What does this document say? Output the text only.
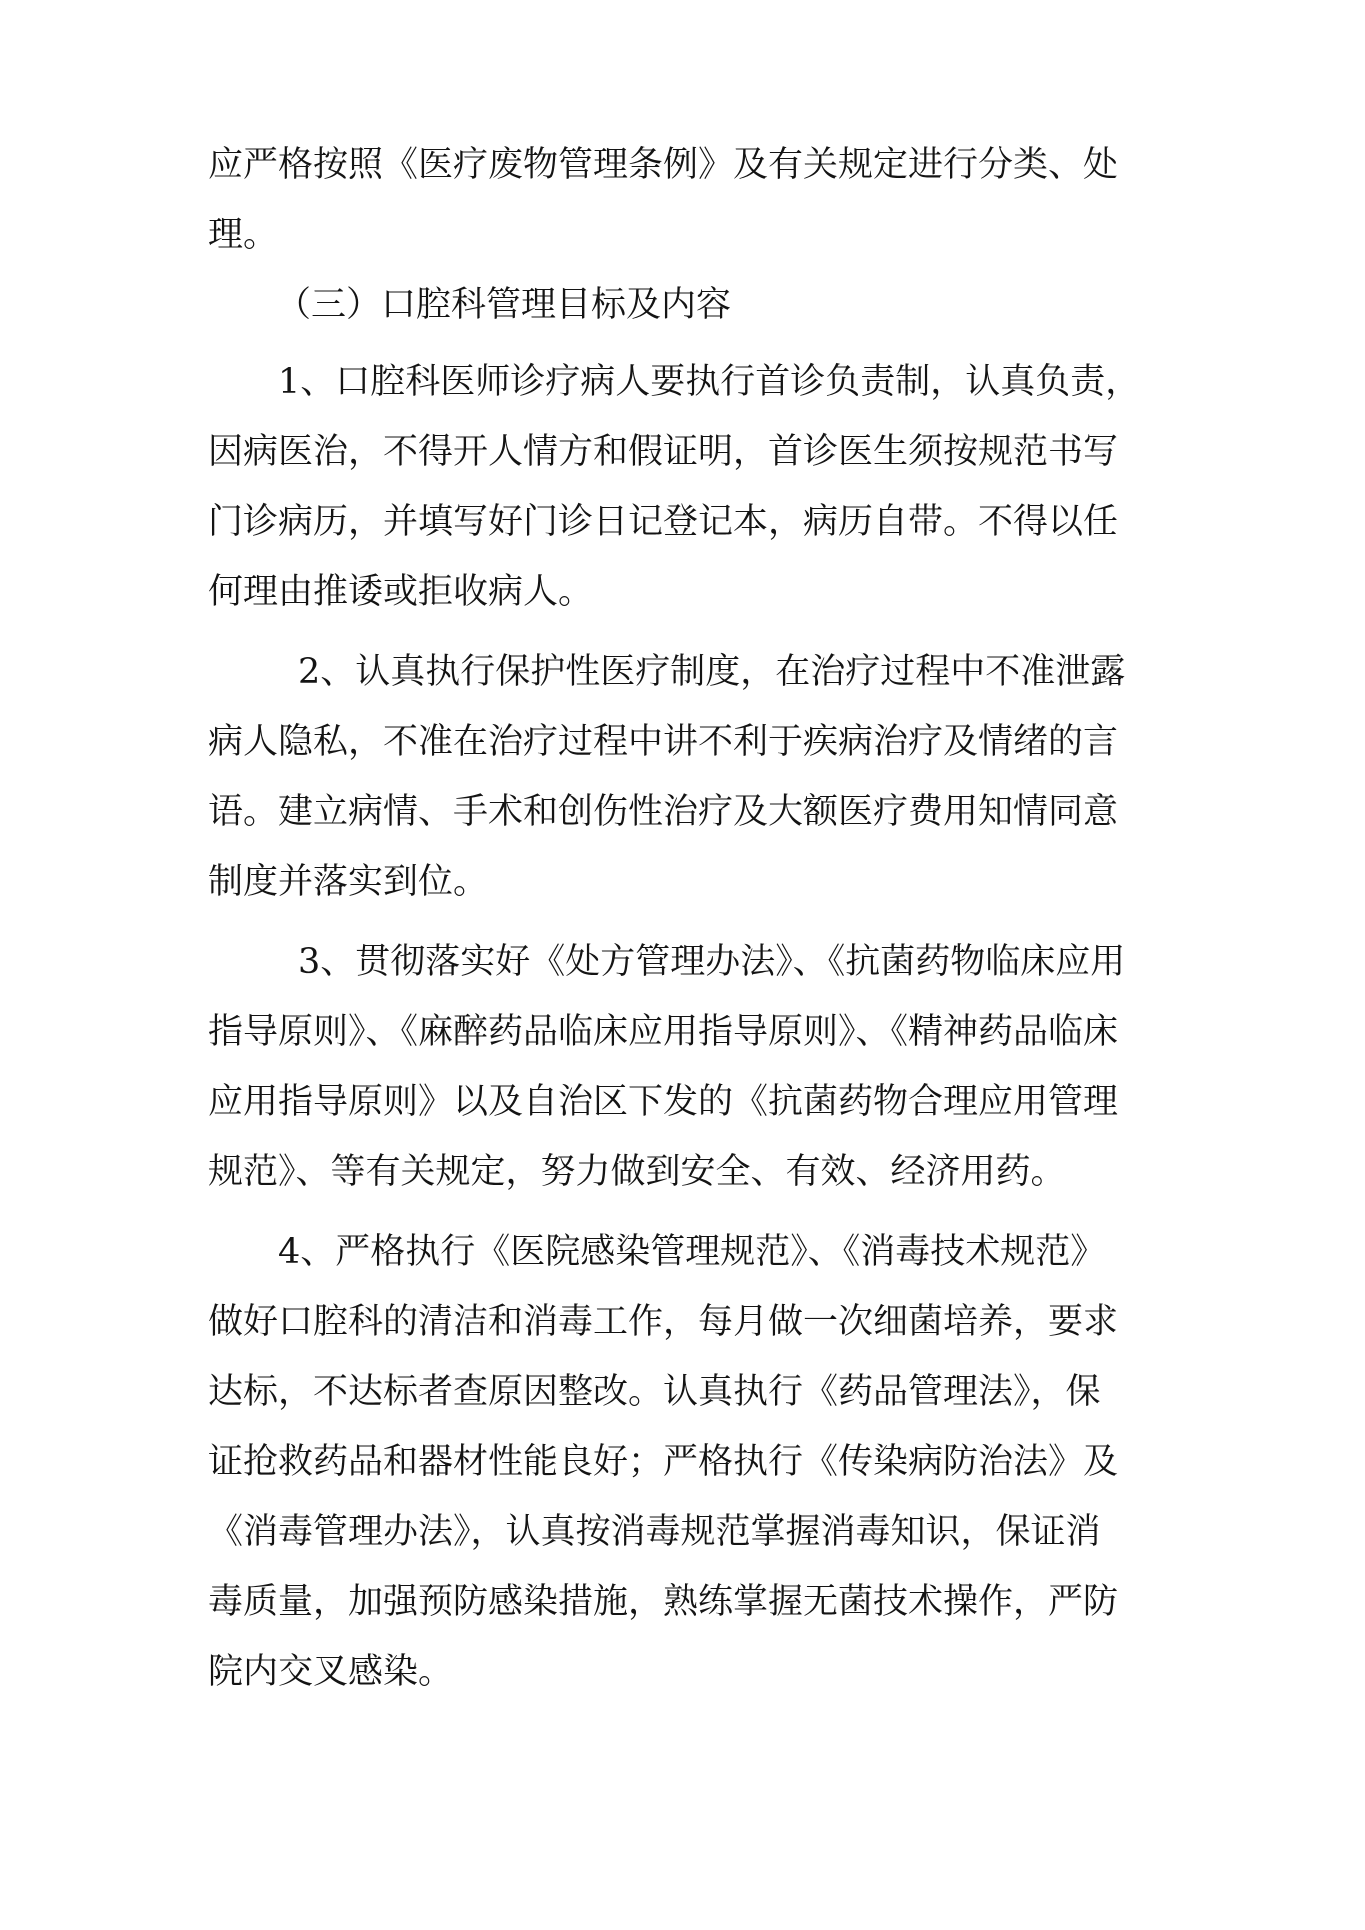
应严格按照《医疗废物管理条例》及有关规定进行分类、处
理。
（三）口腔科管理目标及内容
1、口腔科医师诊疗病人要执行首诊负责制，认真负责，
因病医治，不得开人情方和假证明，首诊医生须按规范书写
门诊病历，并填写好门诊日记登记本，病历自带。不得以任
何理由推诿或拒收病人。
2、认真执行保护性医疗制度，在治疗过程中不准泄露
病人隐私，不准在治疗过程中讲不利于疾病治疗及情绪的言
语。建立病情、手术和创伤性治疗及大额医疗费用知情同意
制度并落实到位。
3、贯彻落实好《处方管理办法》、《抗菌药物临床应用
指导原则》、《麻醉药品临床应用指导原则》、《精神药品临床
应用指导原则》以及自治区下发的《抗菌药物合理应用管理
规范》、等有关规定，努力做到安全、有效、经济用药。
4、严格执行《医院感染管理规范》、《消毒技术规范》
做好口腔科的清洁和消毒工作，每月做一次细菌培养，要求
达标，不达标者查原因整改。认真执行《药品管理法》，保
证抢救药品和器材性能良好；严格执行《传染病防治法》及
《消毒管理办法》，认真按消毒规范掌握消毒知识，保证消
毒质量，加强预防感染措施，熟练掌握无菌技术操作，严防
院内交叉感染。
